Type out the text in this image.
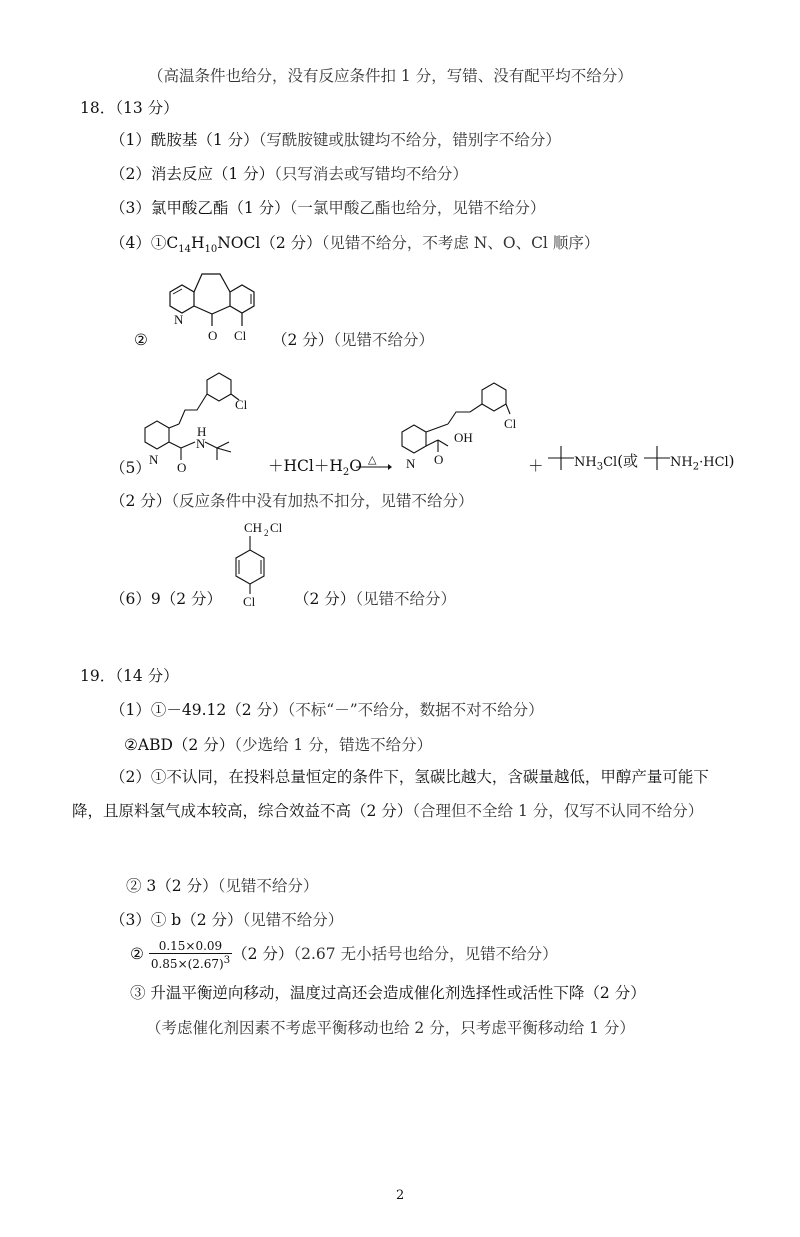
（高温条件也给分，没有反应条件扣 1 分，写错、没有配平均不给分）
18．（13 分）
（1）酰胺基（1 分）（写酰胺键或肽键均不给分，错别字不给分）
（2）消去反应（1 分）（只写消去或写错均不给分）
（3）氯甲酸乙酯（1 分）（一氯甲酸乙酯也给分，见错不给分）
$(4)①C_{14}H_{10}NOCl(2$ 分）（见错不给分，不考虑 N、O、Cl 顺序）
②
N
O Cl （2 分）（见错不给分）
（5）
Cl
N
O
H
N
$+HCl+H_2O$ △
Cl
OH
O
N	＋ $NH_3Cl$(或 $NH_2\cdot HCl$)
（2 分）（反应条件中没有加热不扣分，见错不给分）
（6）9（2 分）
CH 2 Cl
Cl （2 分）（见错不给分）
19．（14 分）
（1）①－49.12（2 分）（不标“－”不给分，数据不对不给分）
②ABD（2 分）（少选给 1 分，错选不给分）
（2）①不认同，在投料总量恒定的条件下，氢碳比越大，含碳量越低，甲醇产量可能下降，且原料氢气成本较高，综合效益不高（2 分）（合理但不全给 1 分，仅写不认同不给分）
② 3（2 分）（见错不给分）
（3）① b（2 分）（见错不给分）
② $\frac{0.15\times 0.09}{0.85\times(2.67)^3} (2$ 分）（2.67 无小括号也给分，见错不给分）
③ 升温平衡逆向移动，温度过高还会造成催化剂选择性或活性下降（2 分）
（考虑催化剂因素不考虑平衡移动也给 2 分，只考虑平衡移动给 1 分）
2
